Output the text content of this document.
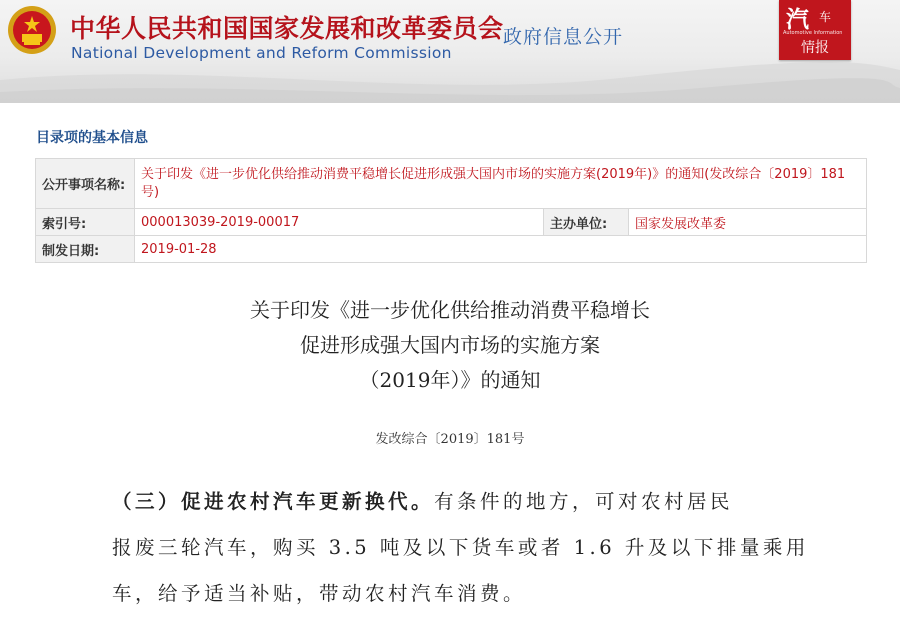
中华人民共和国国家发展和改革委员会
National Development and Reform Commission
政府信息公开
汽 车
Automotive Information
情报
目录项的基本信息
公开事项名称:	关于印发《进一步优化供给推动消费平稳增长促进形成强大国内市场的实施方案(2019年)》的通知(发改综合〔2019〕181号)		
索引号:	000013039-2019-00017	主办单位:	国家发展改革委
制发日期:	2019-01-28		
关于印发《进一步优化供给推动消费平稳增长
促进形成强大国内市场的实施方案
（2019年）》的通知
发改综合〔2019〕181号
（三）促进农村汽车更新换代。有条件的地方，可对农村居民
报废三轮汽车，购买 3.5 吨及以下货车或者 1.6 升及以下排量乘用
车，给予适当补贴，带动农村汽车消费。
